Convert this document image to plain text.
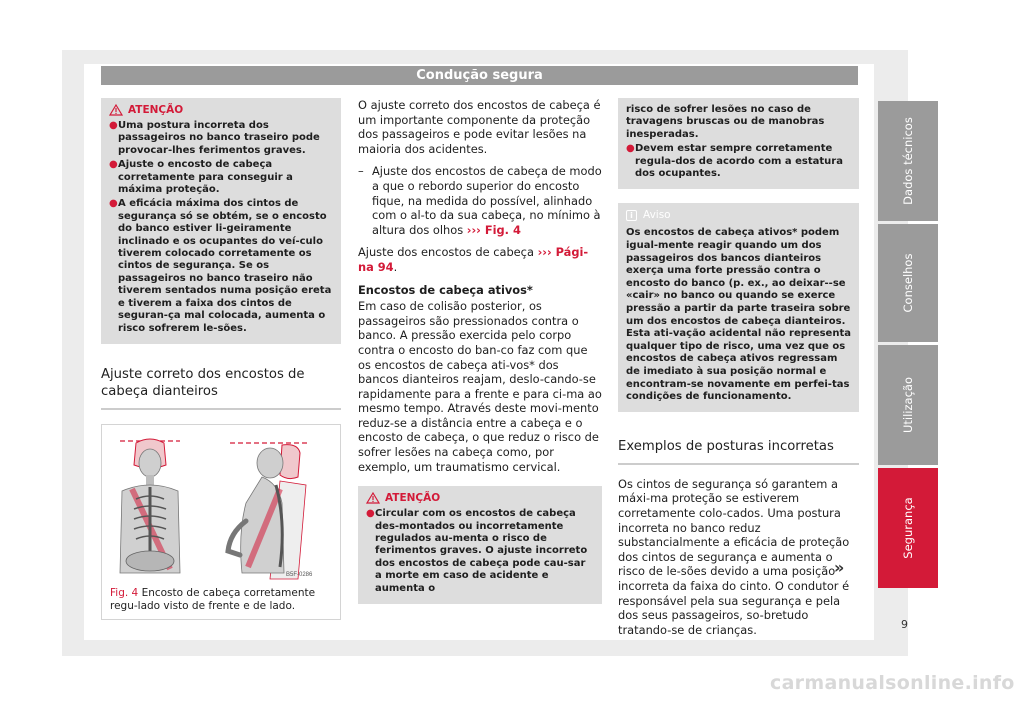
Condução segura
ATENÇÃO
● Uma postura incorreta dos passageiros no banco traseiro pode provocar-lhes ferimentos graves.
● Ajuste o encosto de cabeça corretamente para conseguir a máxima proteção.
● A eficácia máxima dos cintos de segurança só se obtém, se o encosto do banco estiver li-geiramente inclinado e os ocupantes do veí-culo tiverem colocado corretamente os cintos de segurança. Se os passageiros no banco traseiro não tiverem sentados numa posição ereta e tiverem a faixa dos cintos de seguran-ça mal colocada, aumenta o risco sofrerem le-sões.
Ajuste correto dos encostos de cabeça dianteiros
B5F-0286
Fig. 4 Encosto de cabeça corretamente regu-lado visto de frente e de lado.
O ajuste correto dos encostos de cabeça é um importante componente da proteção dos passageiros e pode evitar lesões na maioria dos acidentes.
– Ajuste dos encostos de cabeça de modo a que o rebordo superior do encosto fique, na medida do possível, alinhado com o al-to da sua cabeça, no mínimo à altura dos olhos ››› Fig. 4
Ajuste dos encostos de cabeça ››› Pági-na 94.
Encostos de cabeça ativos*
Em caso de colisão posterior, os passageiros são pressionados contra o banco. A pressão exercida pelo corpo contra o encosto do ban-co faz com que os encostos de cabeça ati-vos* dos bancos dianteiros reajam, deslo-cando-se rapidamente para a frente e para ci-ma ao mesmo tempo. Através deste movi-mento reduz-se a distância entre a cabeça e o encosto de cabeça, o que reduz o risco de sofrer lesões na cabeça como, por exemplo, um traumatismo cervical.
ATENÇÃO
● Circular com os encostos de cabeça des-montados ou incorretamente regulados au-menta o risco de ferimentos graves. O ajuste incorreto dos encostos de cabeça pode cau-sar a morte em caso de acidente e aumenta o
risco de sofrer lesões no caso de travagens bruscas ou de manobras inesperadas.
● Devem estar sempre corretamente regula-dos de acordo com a estatura dos ocupantes.
i Aviso
Os encostos de cabeça ativos* podem igual-mente reagir quando um dos passageiros dos bancos dianteiros exerça uma forte pressão contra o encosto do banco (p. ex., ao deixar--se «cair» no banco ou quando se exerce pressão a partir da parte traseira sobre um dos encostos de cabeça dianteiros. Esta ati-vação acidental não representa qualquer tipo de risco, uma vez que os encostos de cabeça ativos regressam de imediato à sua posição normal e encontram-se novamente em perfei-tas condições de funcionamento.
Exemplos de posturas incorretas
Os cintos de segurança só garantem a máxi-ma proteção se estiverem corretamente colo-cados. Uma postura incorreta no banco reduz substancialmente a eficácia de proteção dos cintos de segurança e aumenta o risco de le-sões devido a uma posição incorreta da faixa do cinto. O condutor é responsável pela sua segurança e pela dos seus passageiros, so-bretudo tratando-se de crianças.
Dados técnicos
Conselhos
Utilização
Segurança
»
9
carmanualsonline.info
